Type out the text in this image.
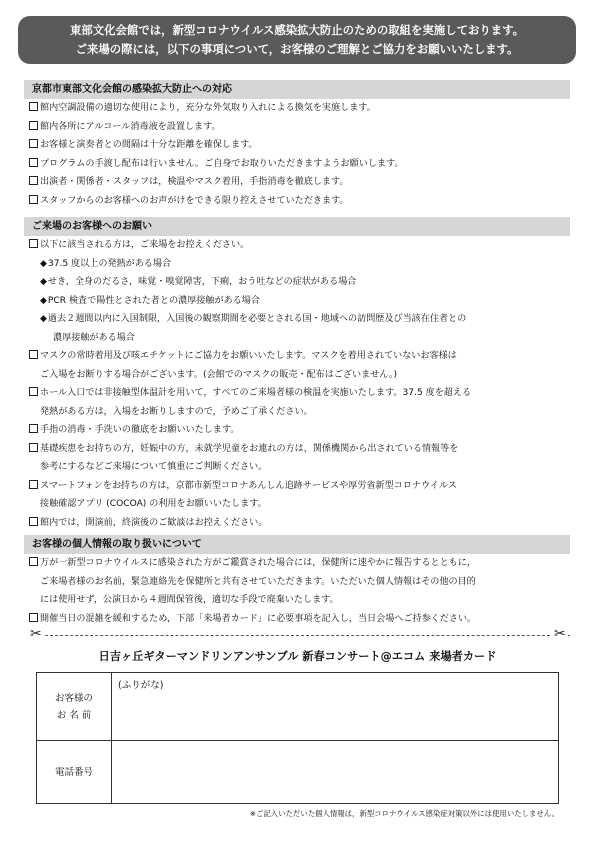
東部文化会館では，新型コロナウイルス感染拡大防止のための取組を実施しております。
ご来場の際には，以下の事項について，お客様のご理解とご協力をお願いいたします。
京都市東部文化会館の感染拡大防止への対応
館内空調設備の適切な使用により，充分な外気取り入れによる換気を実施します。
館内各所にアルコール消毒液を設置します。
お客様と演奏者との間隔は十分な距離を確保します。
プログラムの手渡し配布は行いません。ご自身でお取りいただきますようお願いします。
出演者・関係者・スタッフは，検温やマスク着用，手指消毒を徹底します。
スタッフからのお客様へのお声がけをできる限り控えさせていただきます。
ご来場のお客様へのお願い
以下に該当される方は，ご来場をお控えください。
◆37.5 度以上の発熱がある場合
◆せき，全身のだるさ，味覚・嗅覚障害，下痢，おう吐などの症状がある場合
◆PCR 検査で陽性とされた者との濃厚接触がある場合
◆過去２週間以内に入国制限，入国後の観察期間を必要とされる国・地域への訪問歴及び当該在住者との
濃厚接触がある場合
マスクの常時着用及び咳エチケットにご協力をお願いいたします。マスクを着用されていないお客様は
ご入場をお断りする場合がございます。(会館でのマスクの販売・配布はございません。)
ホール入口では非接触型体温計を用いて，すべてのご来場者様の検温を実施いたします。37.5 度を超える
発熱がある方は，入場をお断りしますので，予めご了承ください。
手指の消毒・手洗いの徹底をお願いいたします。
基礎疾患をお持ちの方，妊娠中の方，未就学児童をお連れの方は，関係機関から出されている情報等を
参考にするなどご来場について慎重にご判断ください。
スマートフォンをお持ちの方は，京都市新型コロナあんしん追跡サービスや厚労省新型コロナウイルス
接触確認アプリ (COCOA) の利用をお願いいたします。
館内では，開演前，終演後のご歓談はお控えください。
お客様の個人情報の取り扱いについて
万が一新型コロナウイルスに感染された方がご鑑賞された場合には，保健所に速やかに報告するとともに，
ご来場者様のお名前，緊急連絡先を保健所と共有させていただきます。いただいた個人情報はその他の目的
には使用せず，公演日から４週間保管後，適切な手段で廃棄いたします。
開催当日の混雑を緩和するため，下部「来場者カード」に必要事項を記入し，当日会場へご持参ください。
✂	✂
日吉ヶ丘ギターマンドリンアンサンブル 新春コンサート@エコム 来場者カード
お客様の
お 名 前	(ふりがな)
電話番号	
※ご記入いただいた個人情報は，新型コロナウイルス感染症対策以外には使用いたしません。
